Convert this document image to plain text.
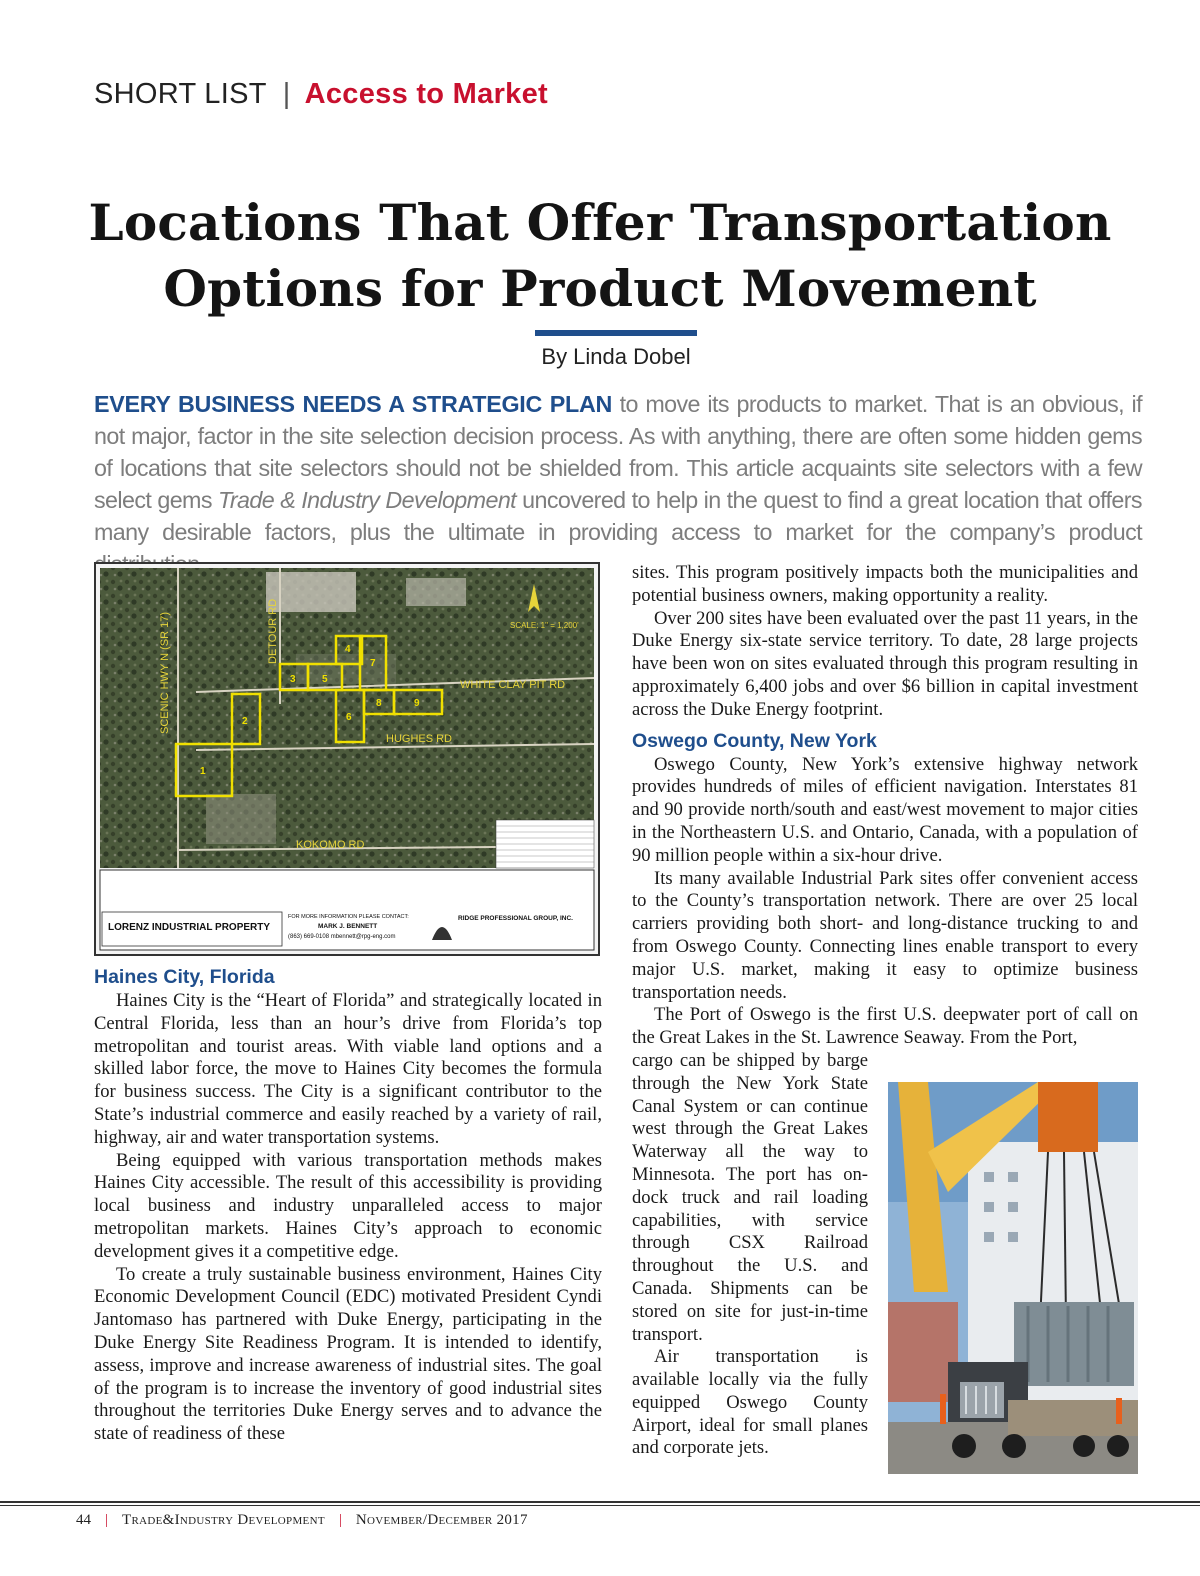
SHORT LIST | Access to Market
Locations That Offer Transportation
Options for Product Movement
By Linda Dobel
EVERY BUSINESS NEEDS A STRATEGIC PLAN to move its products to market. That is an obvious, if not major, factor in the site selection decision process. As with anything, there are often some hidden gems of locations that site selectors should not be shielded from. This article acquaints site selectors with a few select gems Trade & Industry Development uncovered to help in the quest to find a great location that offers many desirable factors, plus the ultimate in providing access to market for the company’s product
SCENIC HWY N (SR 17)	DETOUR RD
WHITE CLAY PIT RD
HUGHES RD
KOKOMO RD
SCALE: 1" = 1,200'
1
2
3
4
5
6
7
8	9
LORENZ INDUSTRIAL PROPERTY
FOR MORE INFORMATION PLEASE CONTACT:
MARK J. BENNETT
(863) 669-0108 mbennett@rpg-eng.com
RIDGE PROFESSIONAL GROUP, INC.
Haines City, Florida

Haines City is the “Heart of Florida” and strategically located in Central Florida, less than an hour’s drive from Florida’s top metropolitan and tourist areas. With viable land options and a skilled labor force, the move to Haines City becomes the formula for business success. The City is a significant contributor to the State’s industrial commerce and easily reached by a variety of rail, highway, air and water transportation systems.

Being equipped with various transportation methods makes Haines City accessible. The result of this accessibility is providing local business and industry unparalleled access to major metropolitan markets. Haines City’s approach to economic development gives it a competitive edge.

To create a truly sustainable business environment, Haines City Economic Development Council (EDC) motivated President Cyndi Jantomaso has partnered with Duke Energy, participating in the Duke Energy Site Readiness Program. It is intended to identify, assess, improve and increase awareness of industrial sites. The goal of the program is to increase the inventory of good industrial sites throughout the territories Duke Energy serves and to advance the state of readiness of these

sites. This program positively impacts both the municipalities and potential business owners, making opportunity a reality.

Over 200 sites have been evaluated over the past 11 years, in the Duke Energy six-state service territory. To date, 28 large projects have been won on sites evaluated through this program resulting in approximately 6,400 jobs and over $6 billion in capital investment across the Duke Energy footprint.

Oswego County, New York

Oswego County, New York’s extensive highway network provides hundreds of miles of efficient navigation. Interstates 81 and 90 provide north/south and east/west movement to major cities in the Northeastern U.S. and Ontario, Canada, with a population of 90 million people within a six-hour drive.

Its many available Industrial Park sites offer convenient access to the County’s transportation network. There are over 25 local carriers providing both short- and long-distance trucking to and from Oswego County. Connecting lines enable transport to every major U.S. market, making it easy to optimize business transportation needs.

The Port of Oswego is the first U.S. deepwater port of call on the Great Lakes in the St. Lawrence Seaway. From the Port,

cargo can be shipped by barge through the New York State Canal System or can continue west through the Great Lakes Waterway all the way to Minnesota. The port has on-dock truck and rail loading capabilities, with service through CSX Railroad throughout the U.S. and Canada. Shipments can be stored on site for just-in-time transport.

Air transportation is available locally via the fully equipped Oswego County Airport, ideal for small planes and corporate jets.

44 | Trade&Industry Development | November/December 2017
